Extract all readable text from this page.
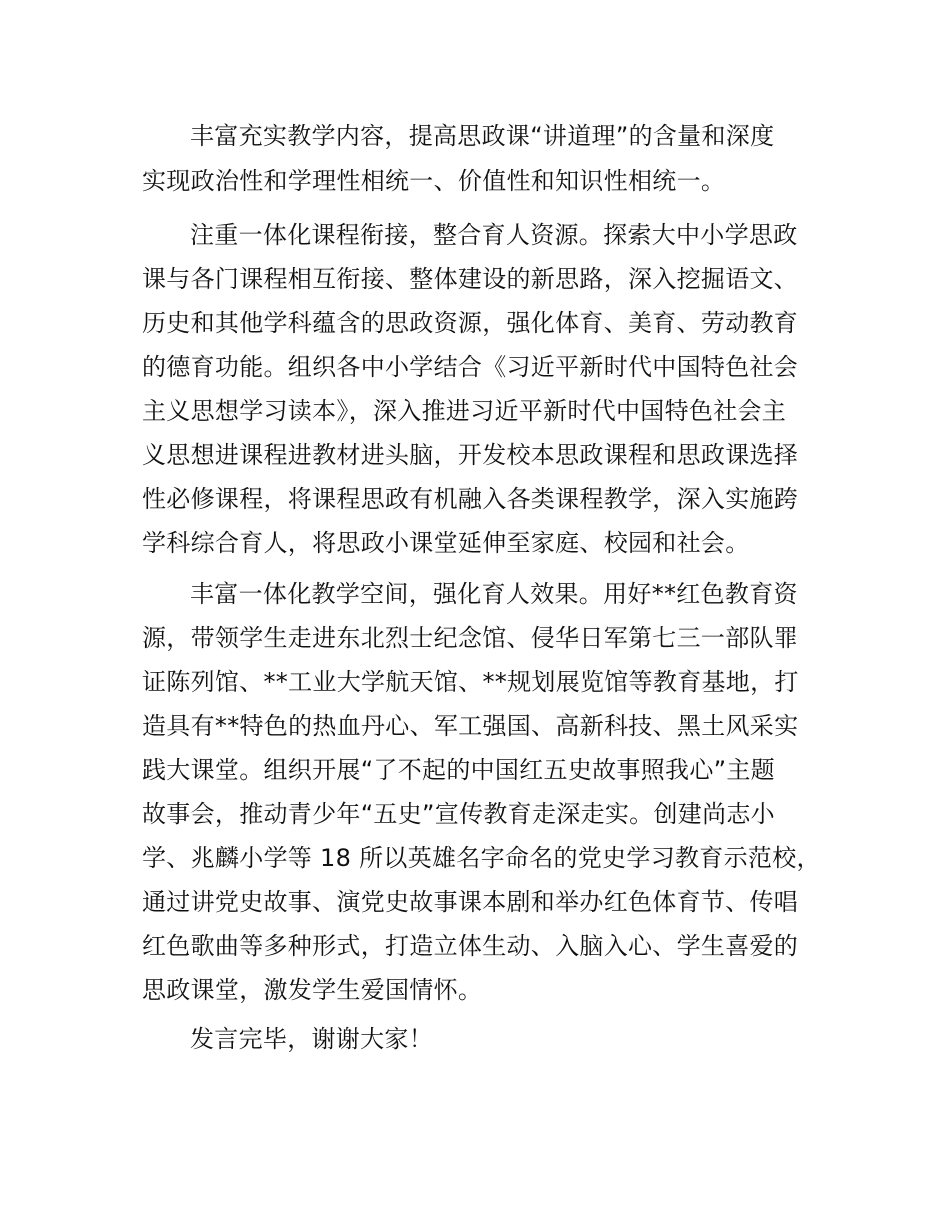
丰富充实教学内容，提高思政课“讲道理”的含量和深度
实现政治性和学理性相统一、价值性和知识性相统一。
注重一体化课程衔接，整合育人资源。探索大中小学思政
课与各门课程相互衔接、整体建设的新思路，深入挖掘语文、
历史和其他学科蕴含的思政资源，强化体育、美育、劳动教育
的德育功能。组织各中小学结合《习近平新时代中国特色社会
主义思想学习读本》，深入推进习近平新时代中国特色社会主
义思想进课程进教材进头脑，开发校本思政课程和思政课选择
性必修课程，将课程思政有机融入各类课程教学，深入实施跨
学科综合育人，将思政小课堂延伸至家庭、校园和社会。
丰富一体化教学空间，强化育人效果。用好**红色教育资
源，带领学生走进东北烈士纪念馆、侵华日军第七三一部队罪
证陈列馆、**工业大学航天馆、**规划展览馆等教育基地，打
造具有**特色的热血丹心、军工强国、高新科技、黑土风采实
践大课堂。组织开展“了不起的中国红五史故事照我心”主题
故事会，推动青少年“五史”宣传教育走深走实。创建尚志小
学、兆麟小学等 18 所以英雄名字命名的党史学习教育示范校，
通过讲党史故事、演党史故事课本剧和举办红色体育节、传唱
红色歌曲等多种形式，打造立体生动、入脑入心、学生喜爱的
思政课堂，激发学生爱国情怀。
发言完毕，谢谢大家！
